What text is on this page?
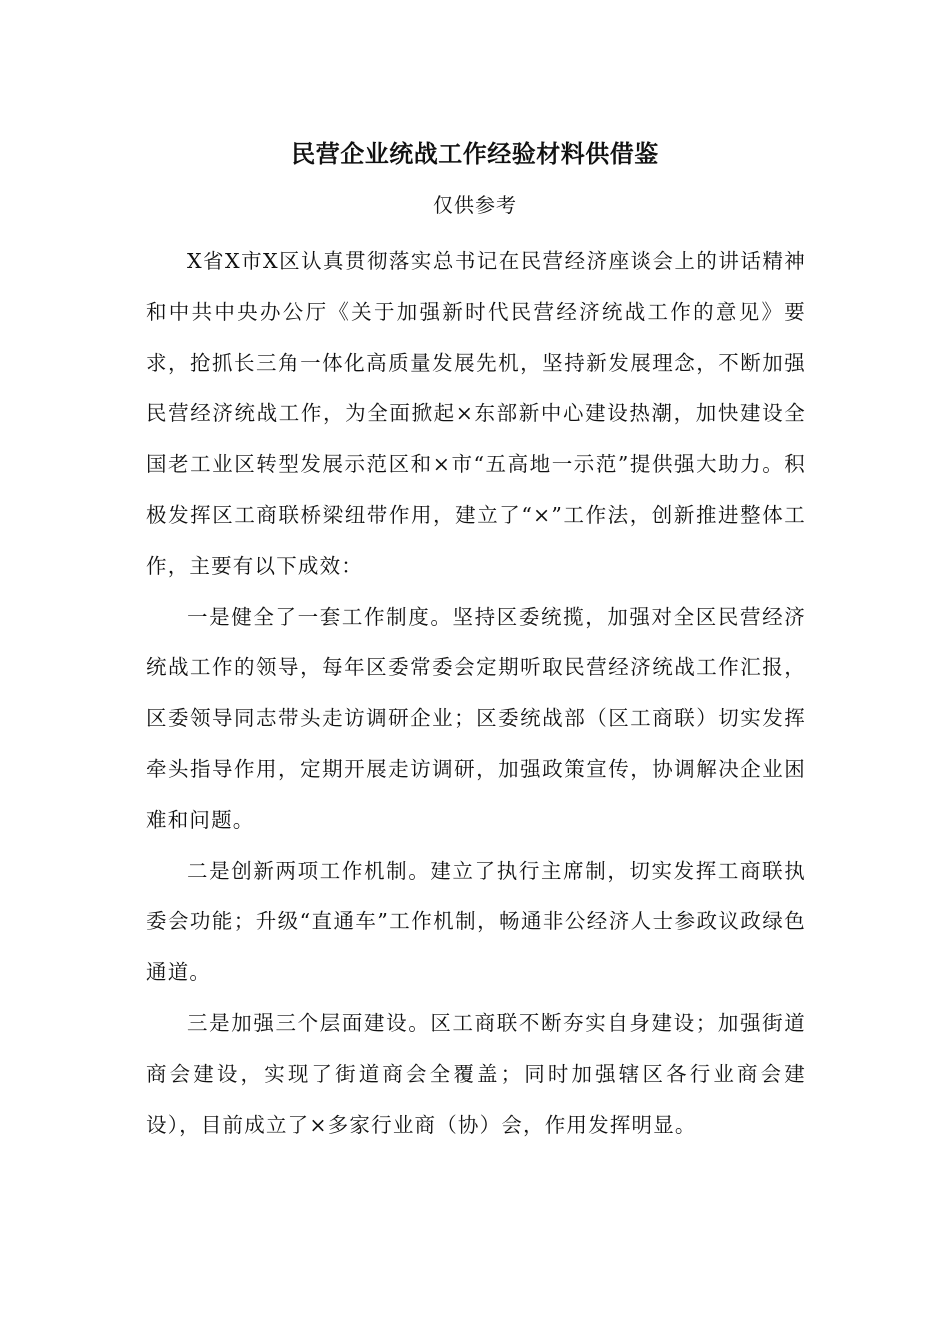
民营企业统战工作经验材料供借鉴
仅供参考

X省X市X区认真贯彻落实总书记在民营经济座谈会上的讲话精神和中共中央办公厅《关于加强新时代民营经济统战工作的意见》要求，抢抓长三角一体化高质量发展先机，坚持新发展理念，不断加强民营经济统战工作，为全面掀起×东部新中心建设热潮，加快建设全国老工业区转型发展示范区和×市“五高地一示范”提供强大助力。积极发挥区工商联桥梁纽带作用，建立了“×”工作法，创新推进整体工作，主要有以下成效：

一是健全了一套工作制度。坚持区委统揽，加强对全区民营经济统战工作的领导，每年区委常委会定期听取民营经济统战工作汇报，区委领导同志带头走访调研企业；区委统战部（区工商联）切实发挥牵头指导作用，定期开展走访调研，加强政策宣传，协调解决企业困难和问题。

二是创新两项工作机制。建立了执行主席制，切实发挥工商联执委会功能；升级“直通车”工作机制，畅通非公经济人士参政议政绿色通道。

三是加强三个层面建设。区工商联不断夯实自身建设；加强街道商会建设，实现了街道商会全覆盖；同时加强辖区各行业商会建设），目前成立了×多家行业商（协）会，作用发挥明显。
